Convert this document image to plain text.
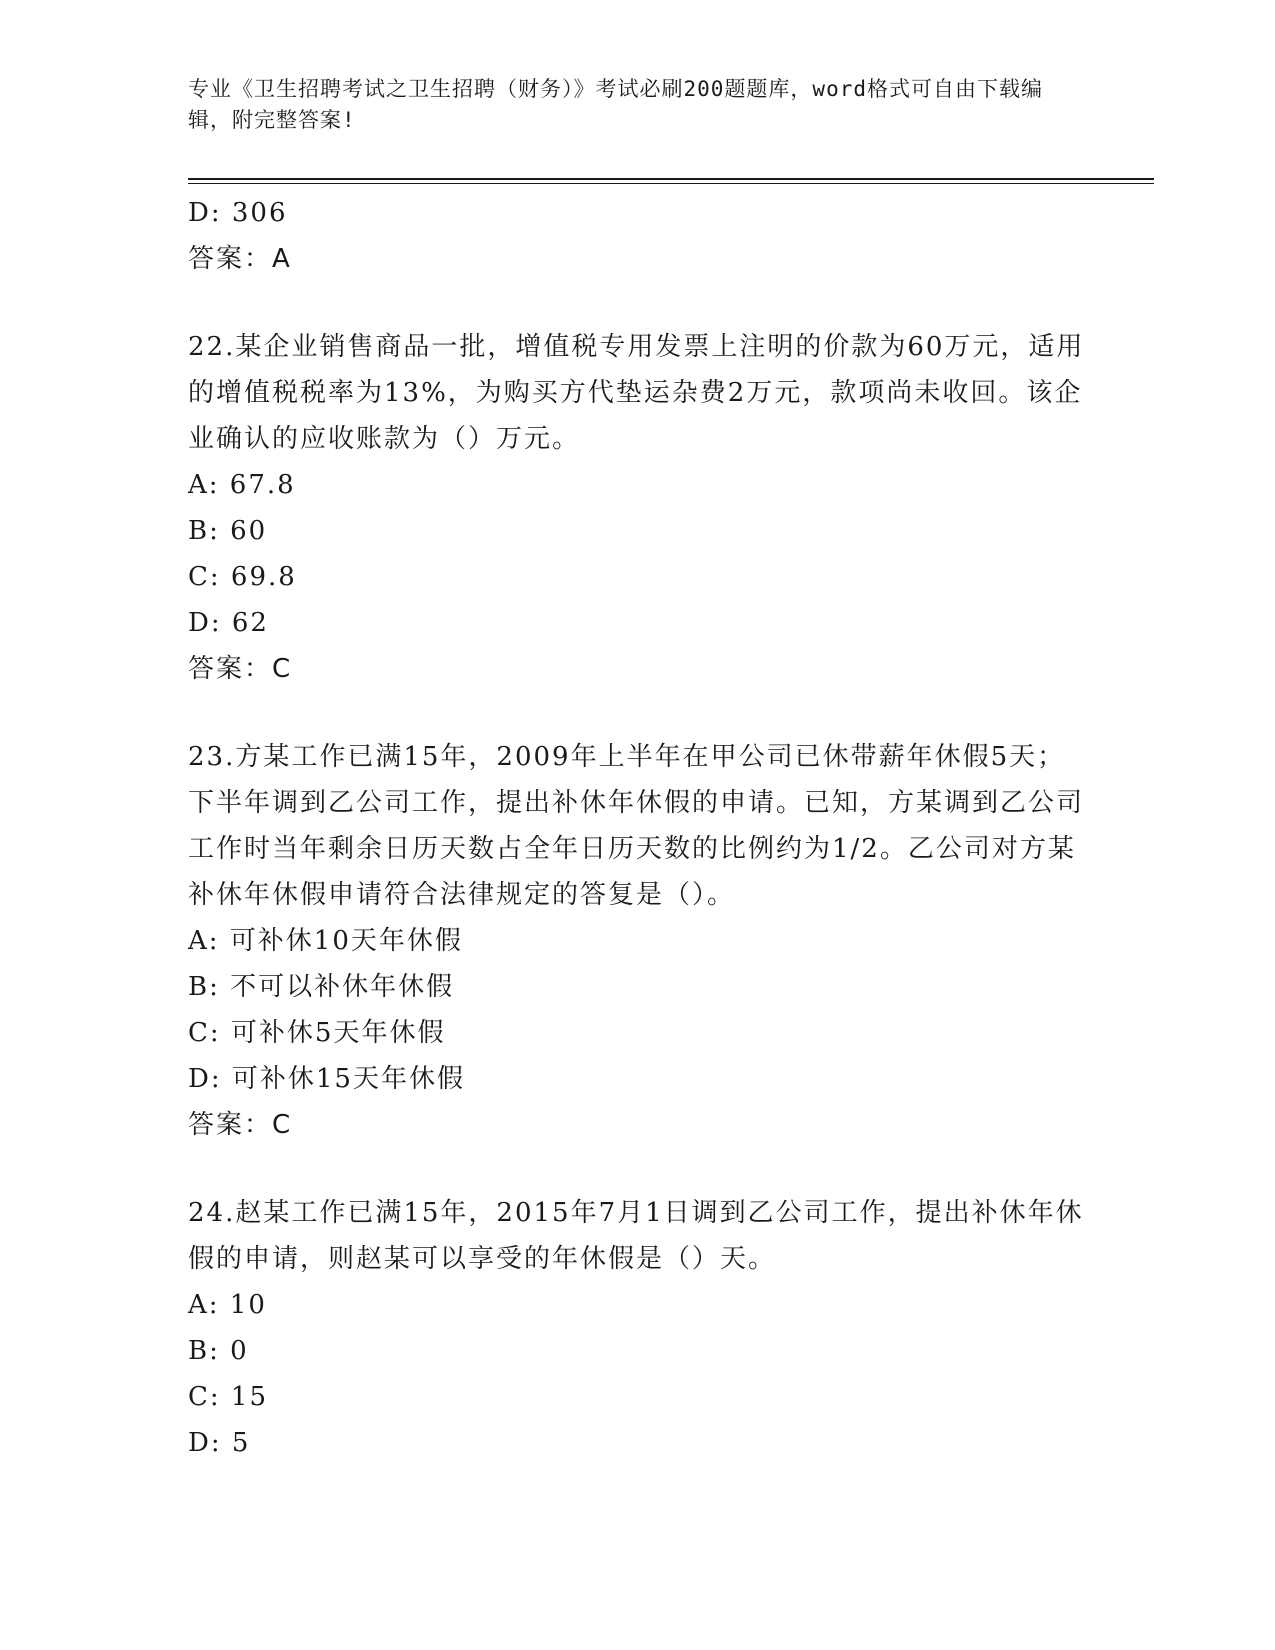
专业《卫生招聘考试之卫生招聘（财务）》考试必刷200题题库，word格式可自由下载编辑，附完整答案!
D: 306
答案：A
22.某企业销售商品一批，增值税专用发票上注明的价款为60万元，适用的增值税税率为13%，为购买方代垫运杂费2万元，款项尚未收回。该企业确认的应收账款为（）万元。
A: 67.8
B: 60
C: 69.8
D: 62
答案：C
23.方某工作已满15年，2009年上半年在甲公司已休带薪年休假5天；下半年调到乙公司工作，提出补休年休假的申请。已知，方某调到乙公司工作时当年剩余日历天数占全年日历天数的比例约为1/2。乙公司对方某补休年休假申请符合法律规定的答复是（）。
A: 可补休10天年休假
B: 不可以补休年休假
C: 可补休5天年休假
D: 可补休15天年休假
答案：C
24.赵某工作已满15年，2015年7月1日调到乙公司工作，提出补休年休假的申请，则赵某可以享受的年休假是（）天。
A: 10
B: 0
C: 15
D: 5
